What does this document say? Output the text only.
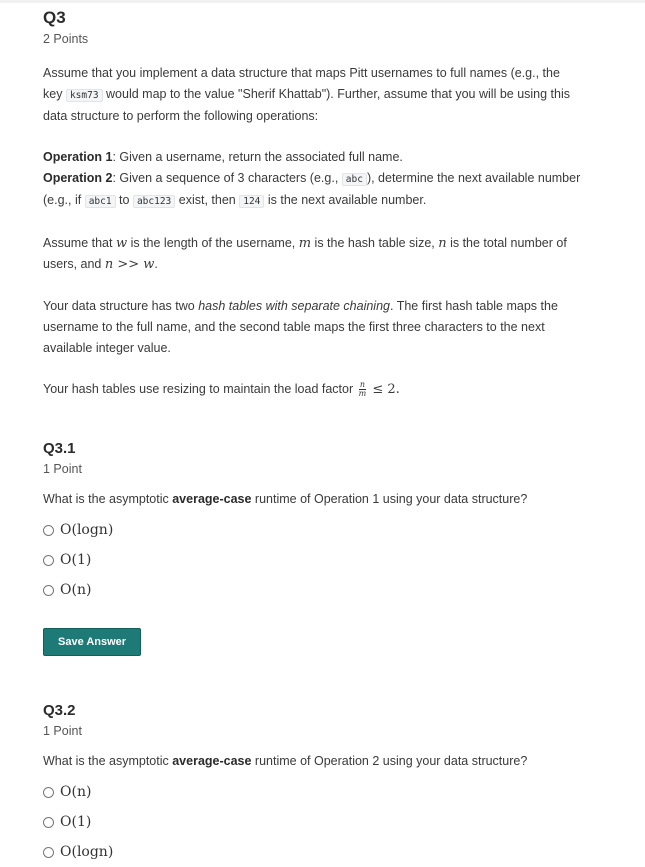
Q3
2 Points

Assume that you implement a data structure that maps Pitt usernames to full names (e.g., the

key ksm73 would map to the value "Sherif Khattab"). Further, assume that you will be using this

data structure to perform the following operations:

Operation 1: Given a username, return the associated full name.
Operation 2: Given a sequence of 3 characters (e.g., abc ), determine the next available number
(e.g., if abc1 to abc123 exist, then 124 is the next available number.

Assume that w is the length of the username, m is the hash table size, n is the total number of

users, and n >> w.

Your data structure has two hash tables with separate chaining. The first hash table maps the

username to the full name, and the second table maps the first three characters to the next

available integer value.

Your hash tables use resizing to maintain the load factor $\frac{n}{m} \le 2$.

Q3.1
1 Point

What is the asymptotic average-case runtime of Operation 1 using your data structure?

O(logn)
O(1)
O(n)
Save Answer
Q3.2
1 Point

What is the asymptotic average-case runtime of Operation 2 using your data structure?

O(n)
O(1)
O(logn)
